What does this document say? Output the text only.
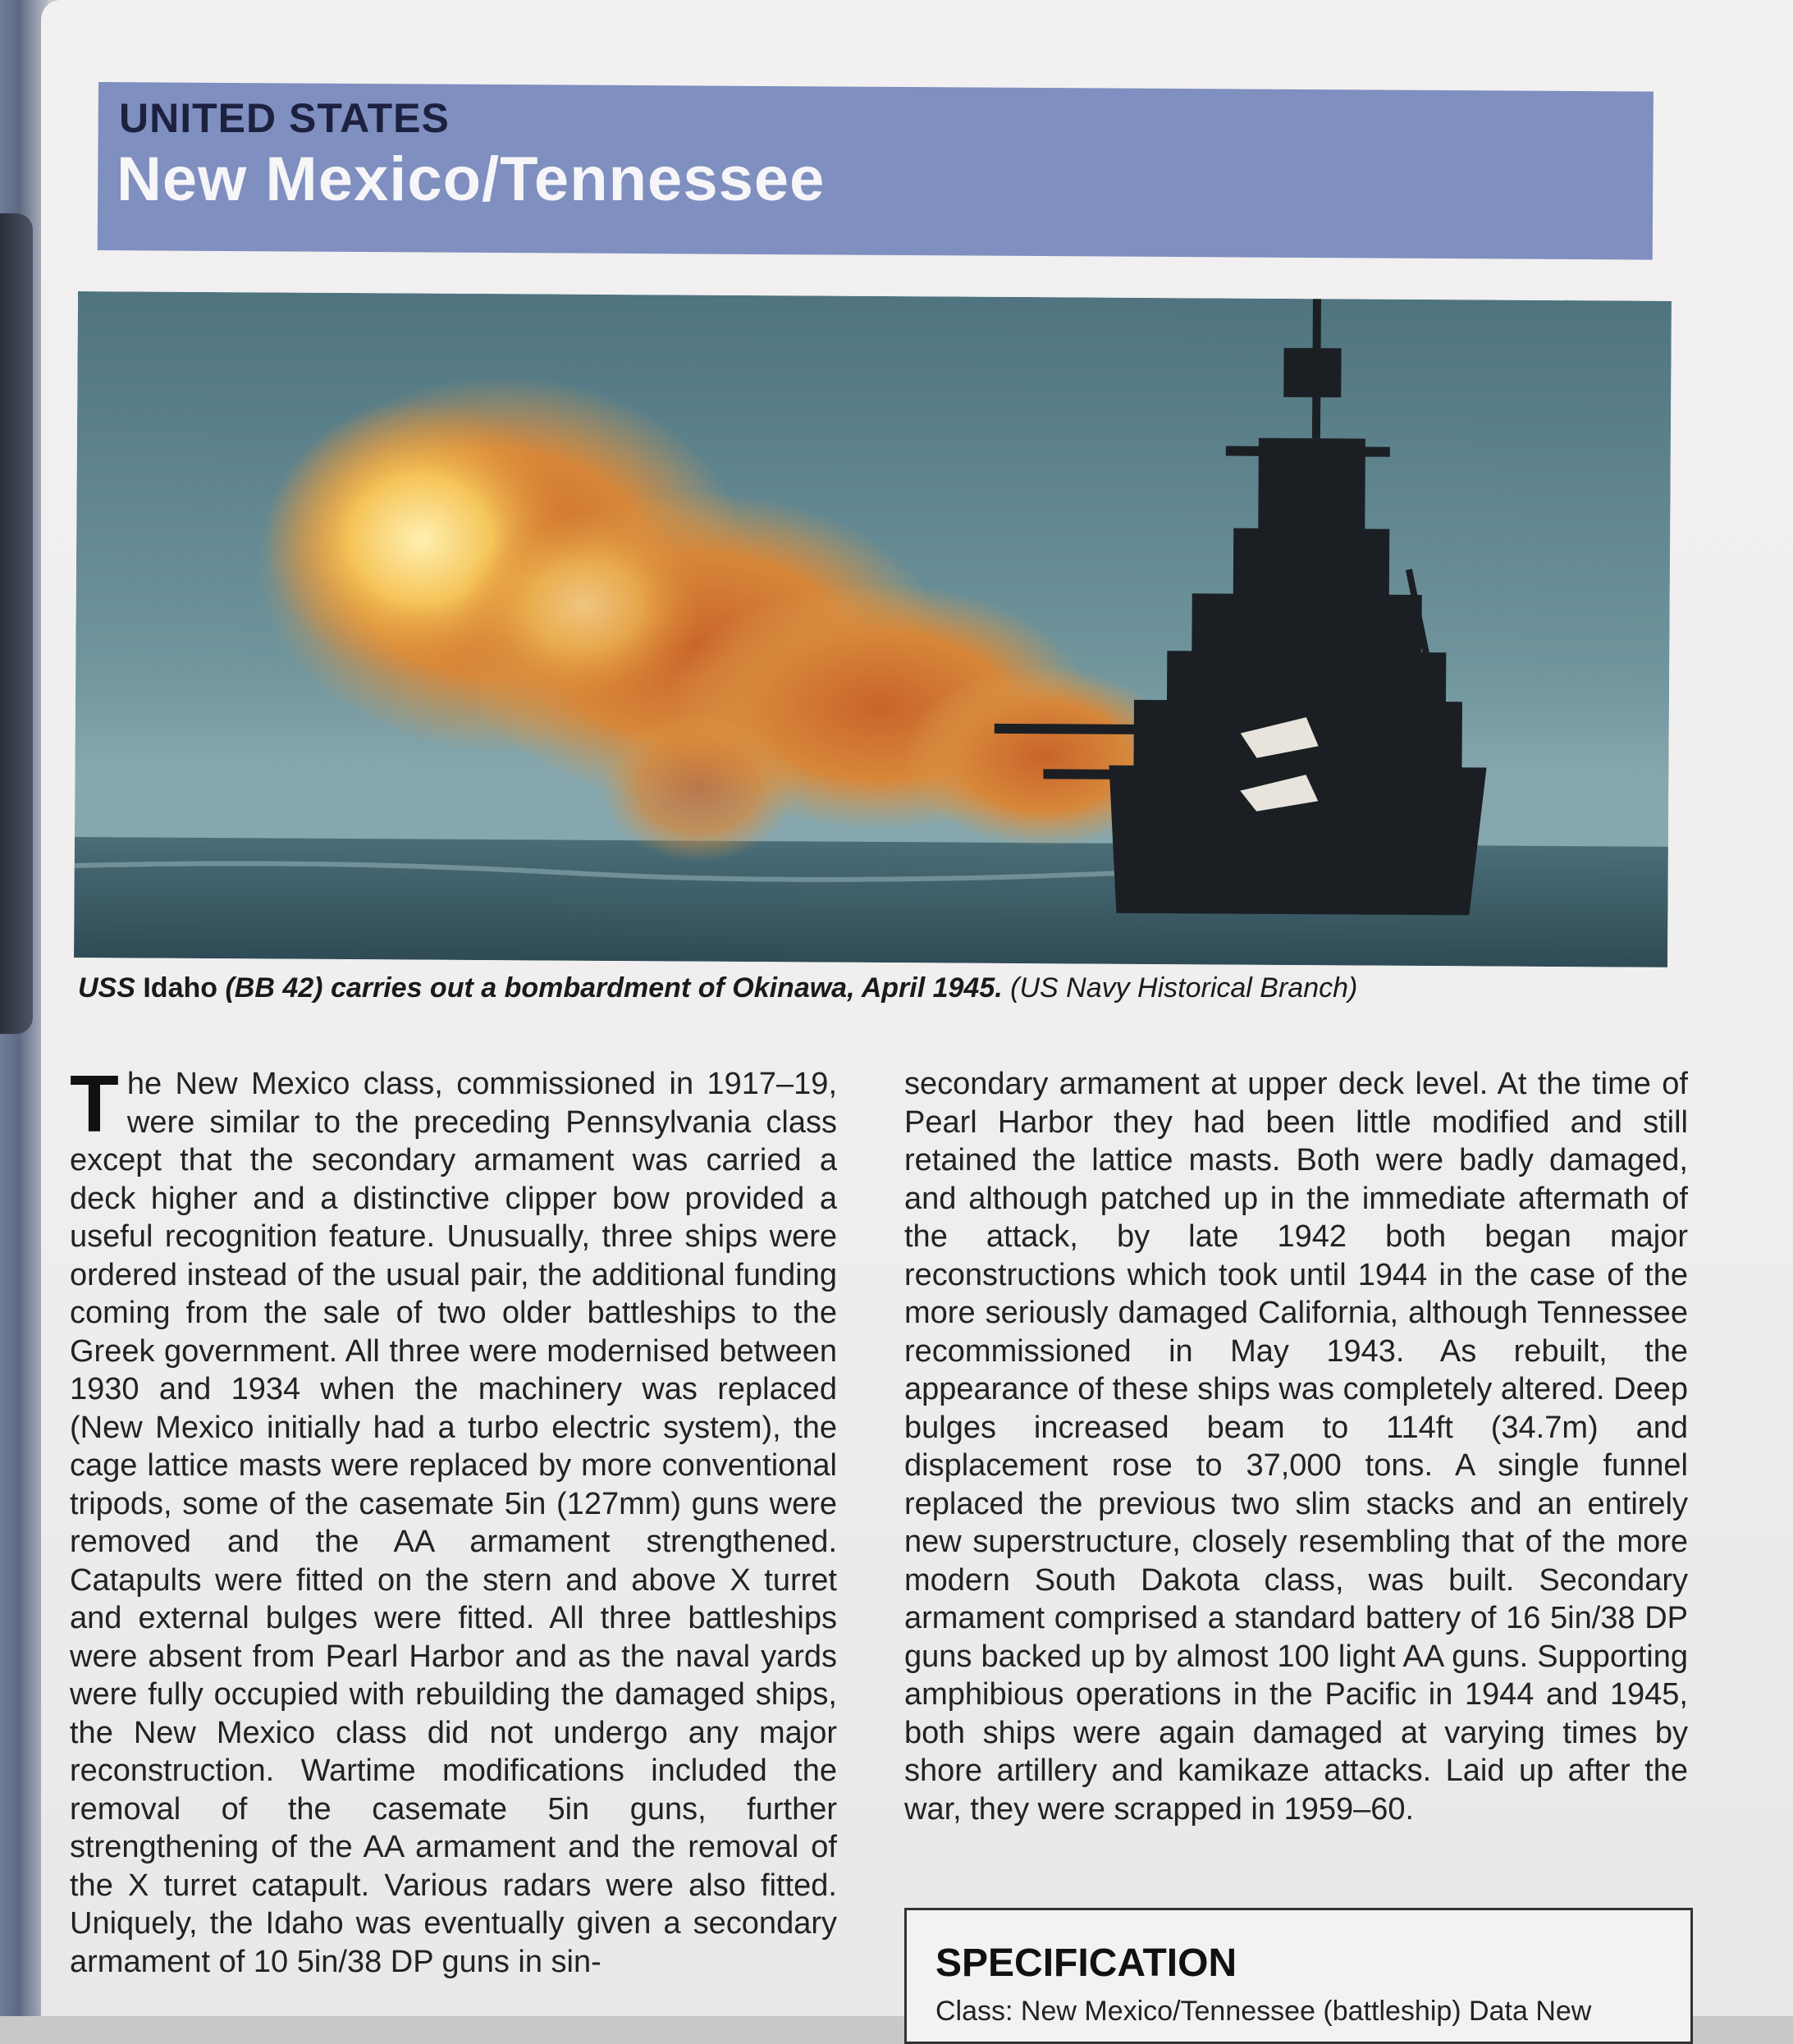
UNITED STATES
New Mexico/Tennessee
USS Idaho (BB 42) carries out a bombardment of Okinawa, April 1945. (US Navy Historical Branch)
The New Mexico class, commissioned in 1917–19, were similar to the preceding Pennsylvania class except that the secondary armament was carried a deck higher and a distinctive clipper bow provided a useful recognition feature. Unusually, three ships were ordered instead of the usual pair, the additional funding coming from the sale of two older battleships to the Greek government. All three were modernised between 1930 and 1934 when the machinery was replaced (New Mexico initially had a turbo electric system), the cage lattice masts were replaced by more conventional tripods, some of the casemate 5in (127mm) guns were removed and the AA armament strengthened. Catapults were fitted on the stern and above X turret and external bulges were fitted. All three battleships were absent from Pearl Harbor and as the naval yards were fully occupied with rebuilding the damaged ships, the New Mexico class did not undergo any major reconstruction. Wartime modifications included the removal of the casemate 5in guns, further strengthening of the AA armament and the removal of the X turret catapult. Various radars were also fitted. Uniquely, the Idaho was eventually given a secondary armament of 10 5in/38 DP guns in sin-
secondary armament at upper deck level. At the time of Pearl Harbor they had been little modified and still retained the lattice masts. Both were badly damaged, and although patched up in the immediate aftermath of the attack, by late 1942 both began major reconstructions which took until 1944 in the case of the more seriously damaged California, although Tennessee recommissioned in May 1943. As rebuilt, the appearance of these ships was completely altered. Deep bulges increased beam to 114ft (34.7m) and displacement rose to 37,000 tons. A single funnel replaced the previous two slim stacks and an entirely new superstructure, closely resembling that of the more modern South Dakota class, was built. Secondary armament comprised a standard battery of 16 5in/38 DP guns backed up by almost 100 light AA guns. Supporting amphibious operations in the Pacific in 1944 and 1945, both ships were again damaged at varying times by shore artillery and kamikaze attacks. Laid up after the war, they were scrapped in 1959–60.
SPECIFICATION
Class: New Mexico/Tennessee (battleship) Data New
